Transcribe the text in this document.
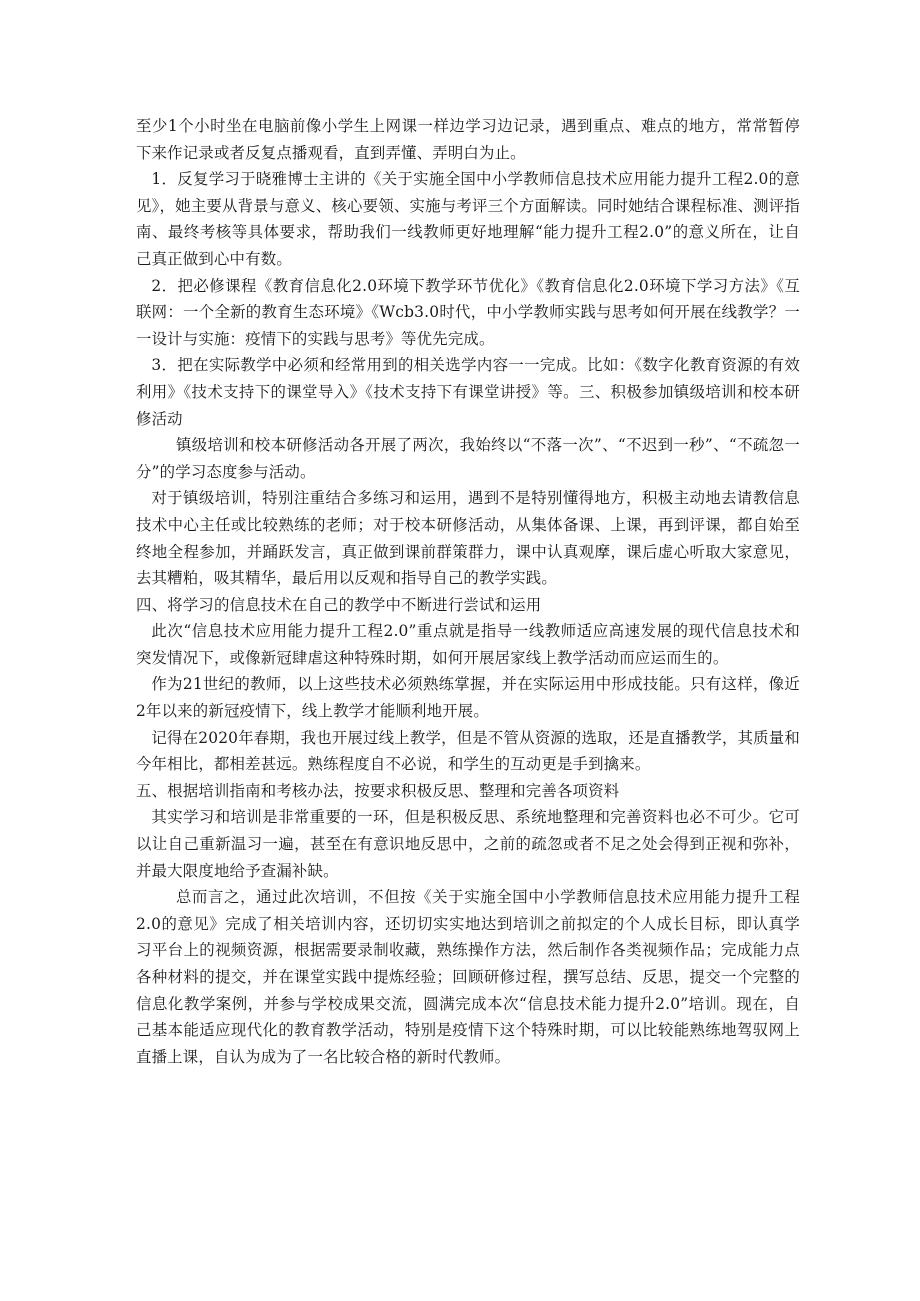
至少1个小时坐在电脑前像小学生上网课一样边学习边记录，遇到重点、难点的地方，常常暂停下来作记录或者反复点播观看，直到弄懂、弄明白为止。

1．反复学习于晓雅博士主讲的《关于实施全国中小学教师信息技术应用能力提升工程2.0的意见》，她主要从背景与意义、核心要领、实施与考评三个方面解读。同时她结合课程标准、测评指南、最终考核等具体要求，帮助我们一线教师更好地理解“能力提升工程2.0”的意义所在，让自己真正做到心中有数。

2．把必修课程《教育信息化2.0环境下教学环节优化》《教育信息化2.0环境下学习方法》《互联网：一个全新的教育生态环境》《Wcb3.0时代，中小学教师实践与思考如何开展在线教学？一一设计与实施：疫情下的实践与思考》等优先完成。

3．把在实际教学中必须和经常用到的相关选学内容一一完成。比如：《数字化教育资源的有效利用》《技术支持下的课堂导入》《技术支持下有课堂讲授》等。三、积极参加镇级培训和校本研修活动

镇级培训和校本研修活动各开展了两次，我始终以“不落一次”、“不迟到一秒”、“不疏忽一分”的学习态度参与活动。

对于镇级培训，特别注重结合多练习和运用，遇到不是特别懂得地方，积极主动地去请教信息技术中心主任或比较熟练的老师；对于校本研修活动，从集体备课、上课，再到评课，都自始至终地全程参加，并踊跃发言，真正做到课前群策群力，课中认真观摩，课后虚心听取大家意见，去其糟粕，吸其精华，最后用以反观和指导自己的教学实践。

四、将学习的信息技术在自己的教学中不断进行尝试和运用

此次“信息技术应用能力提升工程2.0”重点就是指导一线教师适应高速发展的现代信息技术和突发情况下，或像新冠肆虐这种特殊时期，如何开展居家线上教学活动而应运而生的。

作为21世纪的教师，以上这些技术必须熟练掌握，并在实际运用中形成技能。只有这样，像近2年以来的新冠疫情下，线上教学才能顺利地开展。

记得在2020年春期，我也开展过线上教学，但是不管从资源的选取，还是直播教学，其质量和今年相比，都相差甚远。熟练程度自不必说，和学生的互动更是手到擒来。

五、根据培训指南和考核办法，按要求积极反思、整理和完善各项资料

其实学习和培训是非常重要的一环，但是积极反思、系统地整理和完善资料也必不可少。它可以让自己重新温习一遍，甚至在有意识地反思中，之前的疏忽或者不足之处会得到正视和弥补，并最大限度地给予查漏补缺。

总而言之，通过此次培训，不但按《关于实施全国中小学教师信息技术应用能力提升工程2.0的意见》完成了相关培训内容，还切切实实地达到培训之前拟定的个人成长目标，即认真学习平台上的视频资源，根据需要录制收藏，熟练操作方法，然后制作各类视频作品；完成能力点各种材料的提交，并在课堂实践中提炼经验；回顾研修过程，撰写总结、反思，提交一个完整的信息化教学案例，并参与学校成果交流，圆满完成本次“信息技术能力提升2.0”培训。现在，自己基本能适应现代化的教育教学活动，特别是疫情下这个特殊时期，可以比较能熟练地驾驭网上直播上课，自认为成为了一名比较合格的新时代教师。
